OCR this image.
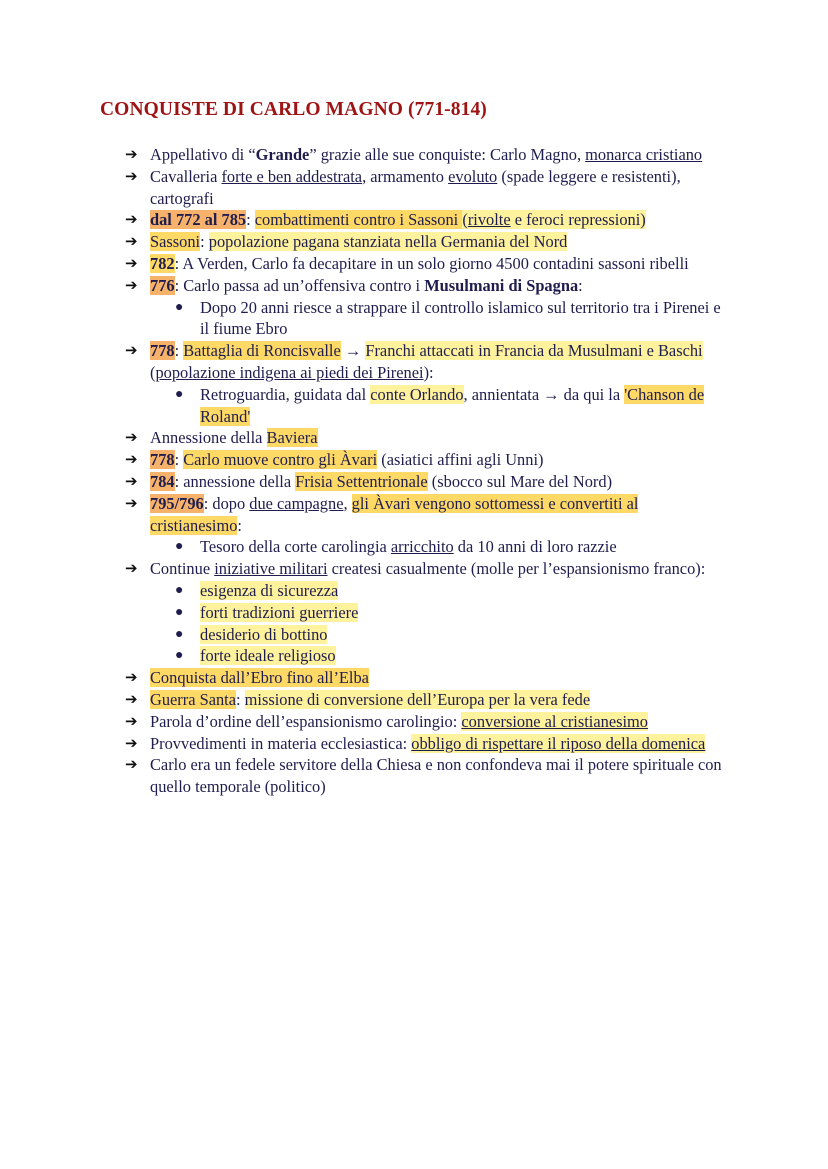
CONQUISTE DI CARLO MAGNO (771-814)
➔ Appellativo di “Grande” grazie alle sue conquiste: Carlo Magno, monarca cristiano
➔ Cavalleria forte e ben addestrata, armamento evoluto (spade leggere e resistenti), cartografi
➔ dal 772 al 785: combattimenti contro i Sassoni (rivolte e feroci repressioni)
➔ Sassoni: popolazione pagana stanziata nella Germania del Nord
➔ 782: A Verden, Carlo fa decapitare in un solo giorno 4500 contadini sassoni ribelli
➔ 776: Carlo passa ad un’offensiva contro i Musulmani di Spagna:
● Dopo 20 anni riesce a strappare il controllo islamico sul territorio tra i Pirenei e il fiume Ebro
➔ 778: Battaglia di Roncisvalle → Franchi attaccati in Francia da Musulmani e Baschi (popolazione indigena ai piedi dei Pirenei):
● Retroguardia, guidata dal conte Orlando, annientata → da qui la 'Chanson de Roland'
➔ Annessione della Baviera
➔ 778: Carlo muove contro gli Àvari (asiatici affini agli Unni)
➔ 784: annessione della Frisia Settentrionale (sbocco sul Mare del Nord)
➔ 795/796: dopo due campagne, gli Àvari vengono sottomessi e convertiti al cristianesimo:
● Tesoro della corte carolingia arricchito da 10 anni di loro razzie
➔ Continue iniziative militari createsi casualmente (molle per l’espansionismo franco):
● esigenza di sicurezza
● forti tradizioni guerriere
● desiderio di bottino
● forte ideale religioso
➔ Conquista dall’Ebro fino all’Elba
➔ Guerra Santa: missione di conversione dell’Europa per la vera fede
➔ Parola d’ordine dell’espansionismo carolingio: conversione al cristianesimo
➔ Provvedimenti in materia ecclesiastica: obbligo di rispettare il riposo della domenica
➔ Carlo era un fedele servitore della Chiesa e non confondeva mai il potere spirituale con quello temporale (politico)
